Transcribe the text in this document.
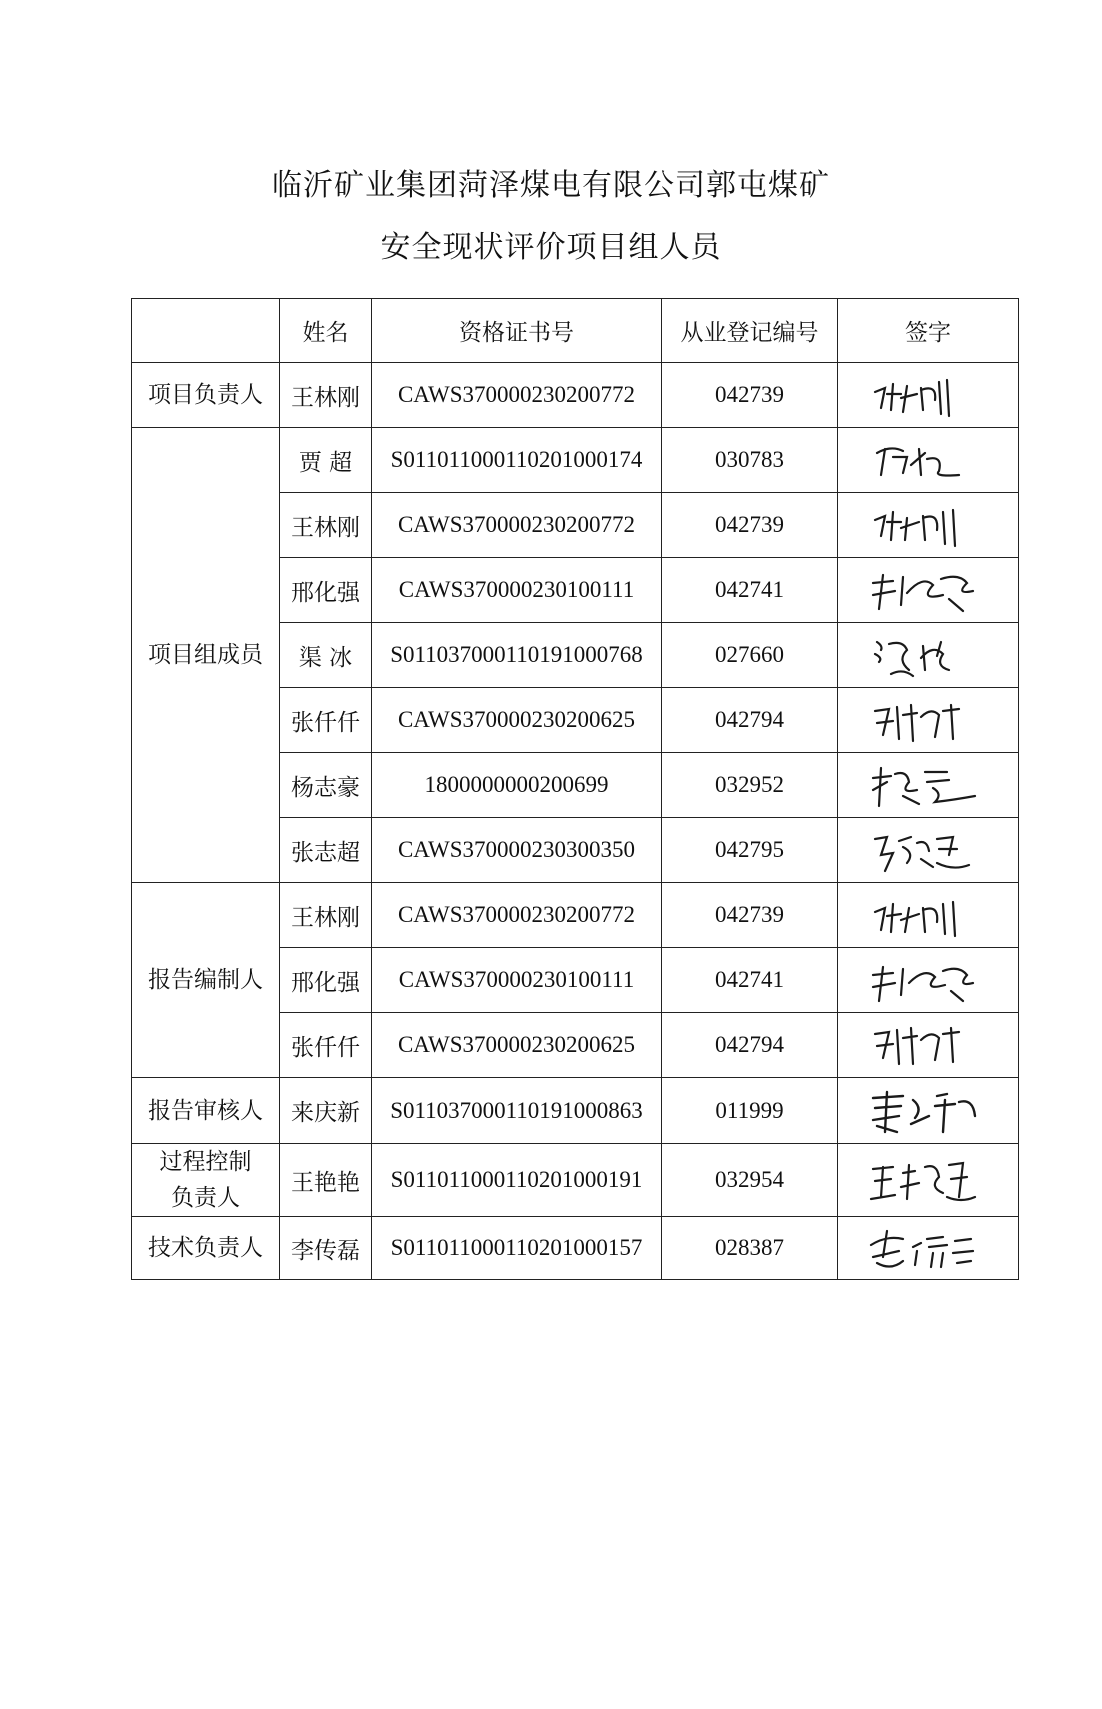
临沂矿业集团菏泽煤电有限公司郭屯煤矿
安全现状评价项目组人员
	姓名	资格证书号	从业登记编号	签字
项目负责人	王林刚	CAWS370000230200772	042739	

项目组成员	贾 超	S011011000110201000174	030783	

	王林刚	CAWS370000230200772	042739	

	邢化强	CAWS370000230100111	042741	

	渠 冰	S011037000110191000768	027660	

	张仟仟	CAWS370000230200625	042794	

	杨志豪	1800000000200699	032952	

	张志超	CAWS370000230300350	042795	

报告编制人	王林刚	CAWS370000230200772	042739	

	邢化强	CAWS370000230100111	042741	

	张仟仟	CAWS370000230200625	042794	

报告审核人	来庆新	S011037000110191000863	011999	

过程控制
负责人	王艳艳	S011011000110201000191	032954	

技术负责人	李传磊	S011011000110201000157	028387	
